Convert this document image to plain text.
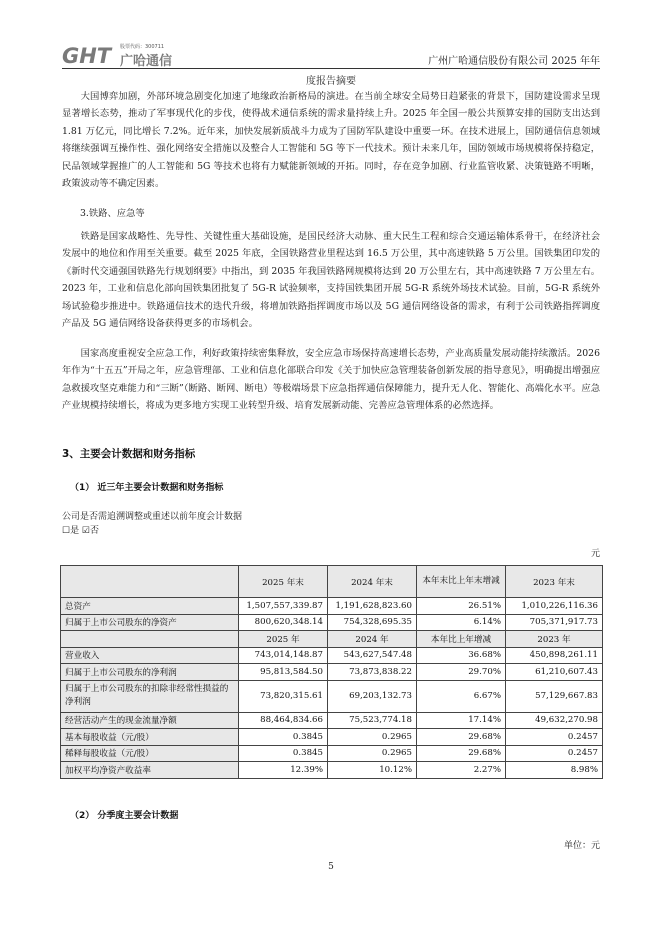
GHT 股票代码：300711
广哈通信	广州广哈通信股份有限公司 2025 年年
度报告摘要
大国博弈加剧，外部环境急剧变化加速了地缘政治新格局的演进。在当前全球安全局势日趋紧张的背景下，国防建设需求呈现显著增长态势，推动了军事现代化的步伐，使得战术通信系统的需求量持续上升。2025 年全国一般公共预算安排的国防支出达到 1.81 万亿元，同比增长 7.2%。近年来，加快发展新质战斗力成为了国防军队建设中重要一环。在技术进展上，国防通信信息领域将继续强调互操作性、强化网络安全措施以及整合人工智能和 5G 等下一代技术。预计未来几年，国防领域市场规模将保持稳定，民品领域掌握推广的人工智能和 5G 等技术也将有力赋能新领域的开拓。同时，存在竞争加剧、行业监管收紧、决策链路不明晰，政策波动等不确定因素。
3.铁路、应急等
铁路是国家战略性、先导性、关键性重大基础设施，是国民经济大动脉、重大民生工程和综合交通运输体系骨干，在经济社会发展中的地位和作用至关重要。截至 2025 年底，全国铁路营业里程达到 16.5 万公里，其中高速铁路 5 万公里。国铁集团印发的《新时代交通强国铁路先行规划纲要》中指出，到 2035 年我国铁路网规模将达到 20 万公里左右，其中高速铁路 7 万公里左右。2023 年，工业和信息化部向国铁集团批复了 5G-R 试验频率，支持国铁集团开展 5G-R 系统外场技术试验。目前，5G-R 系统外场试验稳步推进中。铁路通信技术的迭代升级，将增加铁路指挥调度市场以及 5G 通信网络设备的需求，有利于公司铁路指挥调度产品及 5G 通信网络设备获得更多的市场机会。
国家高度重视安全应急工作，利好政策持续密集释放，安全应急市场保持高速增长态势，产业高质量发展动能持续激活。2026 年作为“十五五”开局之年，应急管理部、工业和信息化部联合印发《关于加快应急管理装备创新发展的指导意见》，明确提出增强应急救援攻坚克难能力和“三断”（断路、断网、断电）等极端场景下应急指挥通信保障能力，提升无人化、智能化、高端化水平。应急产业规模持续增长，将成为更多地方实现工业转型升级、培育发展新动能、完善应急管理体系的必然选择。
3、主要会计数据和财务指标
（1） 近三年主要会计数据和财务指标
公司是否需追溯调整或重述以前年度会计数据
☐是 ☑否
元
	2025 年末	2024 年末	本年末比上年末增减	2023 年末
总资产	1,507,557,339.87	1,191,628,823.60	26.51%	1,010,226,116.36
归属于上市公司股东的净资产	800,620,348.14	754,328,695.35	6.14%	705,371,917.73
	2025 年	2024 年	本年比上年增减	2023 年
营业收入	743,014,148.87	543,627,547.48	36.68%	450,898,261.11
归属于上市公司股东的净利润	95,813,584.50	73,873,838.22	29.70%	61,210,607.43
归属于上市公司股东的扣除非经常性损益的净利润	73,820,315.61	69,203,132.73	6.67%	57,129,667.83
经营活动产生的现金流量净额	88,464,834.66	75,523,774.18	17.14%	49,632,270.98
基本每股收益（元/股）	0.3845	0.2965	29.68%	0.2457
稀释每股收益（元/股）	0.3845	0.2965	29.68%	0.2457
加权平均净资产收益率	12.39%	10.12%	2.27%	8.98%
（2） 分季度主要会计数据
单位：元
5
